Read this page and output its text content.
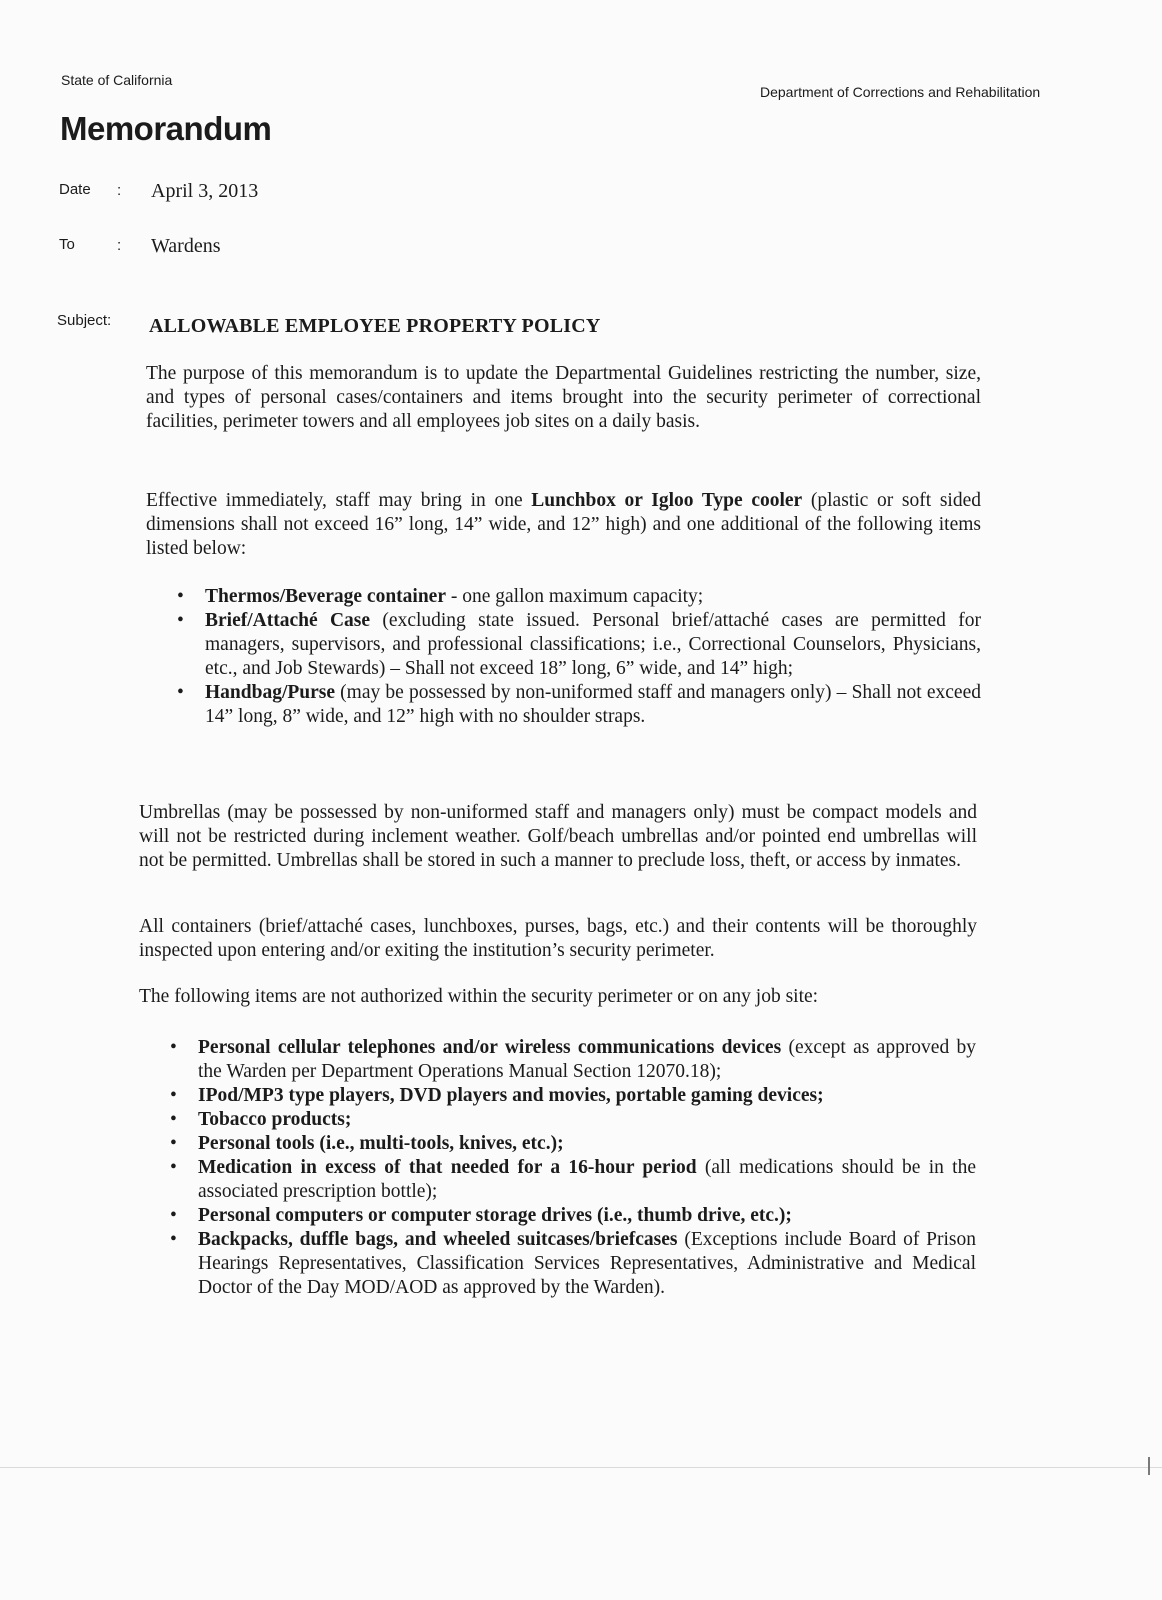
State of California
Department of Corrections and Rehabilitation
Memorandum
Date : April 3, 2013
To	: Wardens
Subject: ALLOWABLE EMPLOYEE PROPERTY POLICY

The purpose of this memorandum is to update the Departmental Guidelines restricting the number, size, and types of personal cases/containers and items brought into the security perimeter of correctional facilities, perimeter towers and all employees job sites on a daily basis.

Effective immediately, staff may bring in one Lunchbox or Igloo Type cooler (plastic or soft sided dimensions shall not exceed 16” long, 14” wide, and 12” high) and one additional of the following items listed below:

• Thermos/Beverage container - one gallon maximum capacity;
• Brief/Attaché Case (excluding state issued. Personal brief/attaché cases are permitted for managers, supervisors, and professional classifications; i.e., Correctional Counselors, Physicians, etc., and Job Stewards) – Shall not exceed 18” long, 6” wide, and 14” high;
• Handbag/Purse (may be possessed by non-uniformed staff and managers only) – Shall not exceed 14” long, 8” wide, and 12” high with no shoulder straps.

Umbrellas (may be possessed by non-uniformed staff and managers only) must be compact models and will not be restricted during inclement weather. Golf/beach umbrellas and/or pointed end umbrellas will not be permitted. Umbrellas shall be stored in such a manner to preclude loss, theft, or access by inmates.

All containers (brief/attaché cases, lunchboxes, purses, bags, etc.) and their contents will be thoroughly inspected upon entering and/or exiting the institution’s security perimeter.

The following items are not authorized within the security perimeter or on any job site:

• Personal cellular telephones and/or wireless communications devices (except as approved by the Warden per Department Operations Manual Section 12070.18);
• IPod/MP3 type players, DVD players and movies, portable gaming devices;
• Tobacco products;
• Personal tools (i.e., multi-tools, knives, etc.);
• Medication in excess of that needed for a 16-hour period (all medications should be in the associated prescription bottle);
• Personal computers or computer storage drives (i.e., thumb drive, etc.);
• Backpacks, duffle bags, and wheeled suitcases/briefcases (Exceptions include Board of Prison Hearings Representatives, Classification Services Representatives, Administrative and Medical Doctor of the Day MOD/AOD as approved by the Warden).
